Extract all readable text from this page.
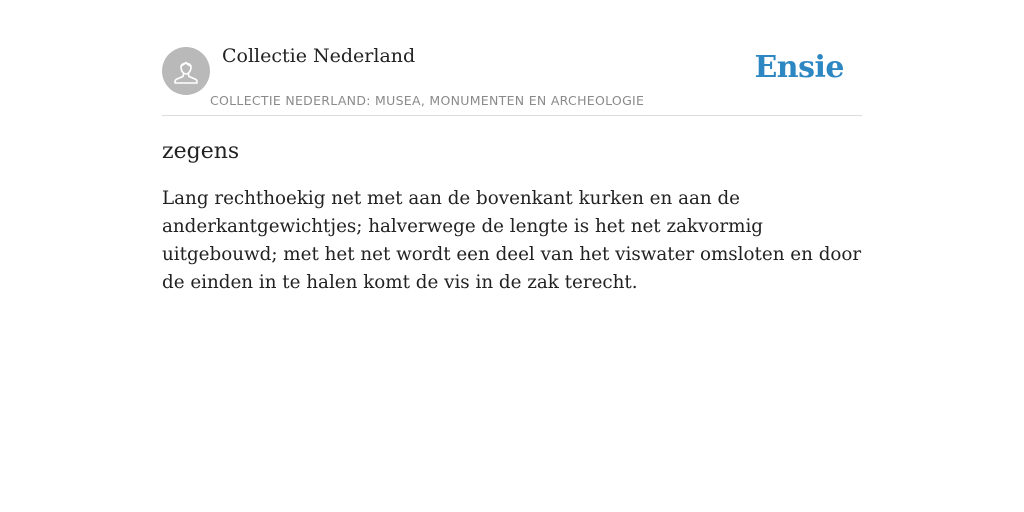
Collectie Nederland
COLLECTIE NEDERLAND: MUSEA, MONUMENTEN EN ARCHEOLOGIE
Ensie
zegens

Lang rechthoekig net met aan de bovenkant kurken en aan de anderkantgewichtjes; halverwege de lengte is het net zakvormig uitgebouwd; met het net wordt een deel van het viswater omsloten en door de einden in te halen komt de vis in de zak terecht.
